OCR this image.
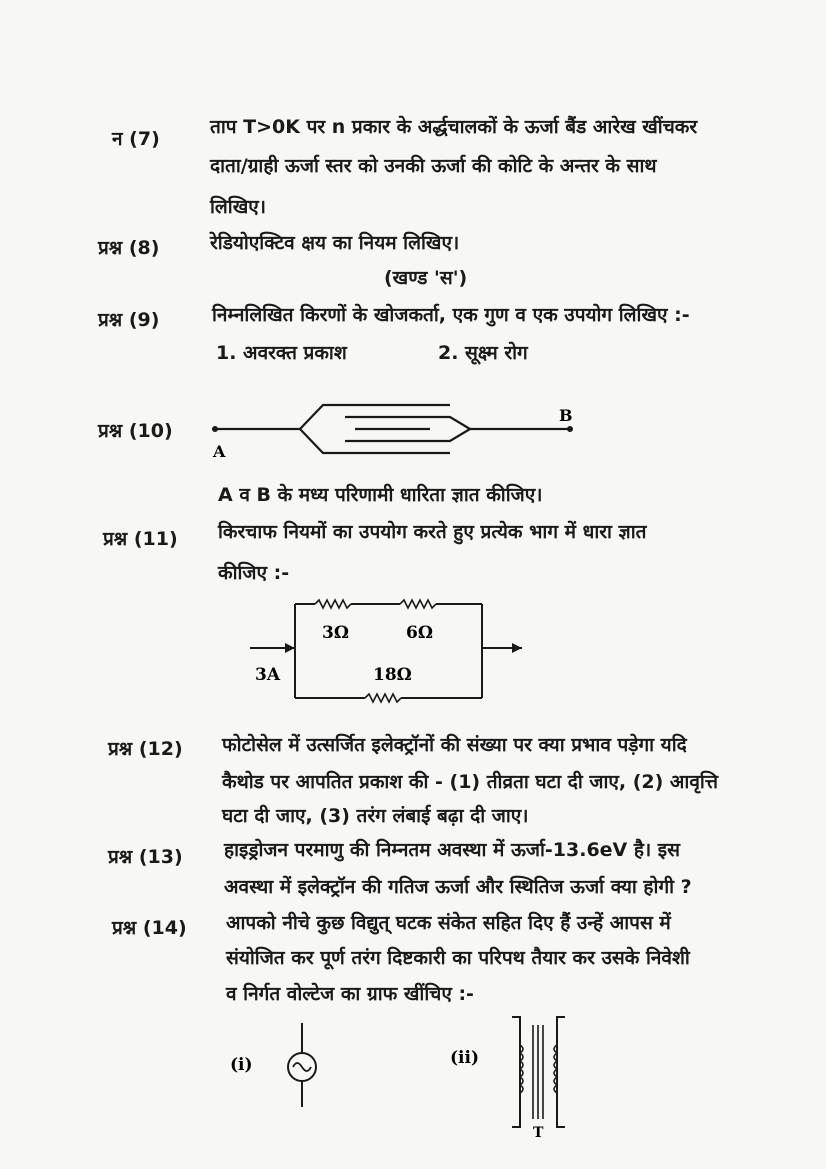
न (7)
ताप T>0K पर n प्रकार के अर्द्धचालकों के ऊर्जा बैंड आरेख खींचकर
दाता/ग्राही ऊर्जा स्तर को उनकी ऊर्जा की कोटि के अन्तर के साथ
लिखिए।
प्रश्न (8)	रेडियोएक्टिव क्षय का नियम लिखिए।
(खण्ड 'स')
प्रश्न (9)	निम्नलिखित किरणों के खोजकर्ता, एक गुण व एक उपयोग लिखिए :-
1. अवरक्त प्रकाश	2. सूक्ष्म रोग
प्रश्न (10)
A
B
A व B के मध्य परिणामी धारिता ज्ञात कीजिए।
प्रश्न (11) किरचाफ नियमों का उपयोग करते हुए प्रत्येक भाग में धारा ज्ञात
कीजिए :-
3Ω	6Ω
18Ω
3A
प्रश्न (12) फोटोसेल में उत्सर्जित इलेक्ट्रॉनों की संख्या पर क्या प्रभाव पड़ेगा यदि
कैथोड पर आपतित प्रकाश की - (1) तीव्रता घटा दी जाए, (2) आवृत्ति
घटा दी जाए, (3) तरंग लंबाई बढ़ा दी जाए।
प्रश्न (13) हाइड्रोजन परमाणु की निम्नतम अवस्था में ऊर्जा-13.6eV है। इस
अवस्था में इलेक्ट्रॉन की गतिज ऊर्जा और स्थितिज ऊर्जा क्या होगी ?
प्रश्न (14) आपको नीचे कुछ विद्युत् घटक संकेत सहित दिए हैं उन्हें आपस में
संयोजित कर पूर्ण तरंग दिष्टकारी का परिपथ तैयार कर उसके निवेशी
व निर्गत वोल्टेज का ग्राफ खींचिए :-
(i)	(ii)
T
